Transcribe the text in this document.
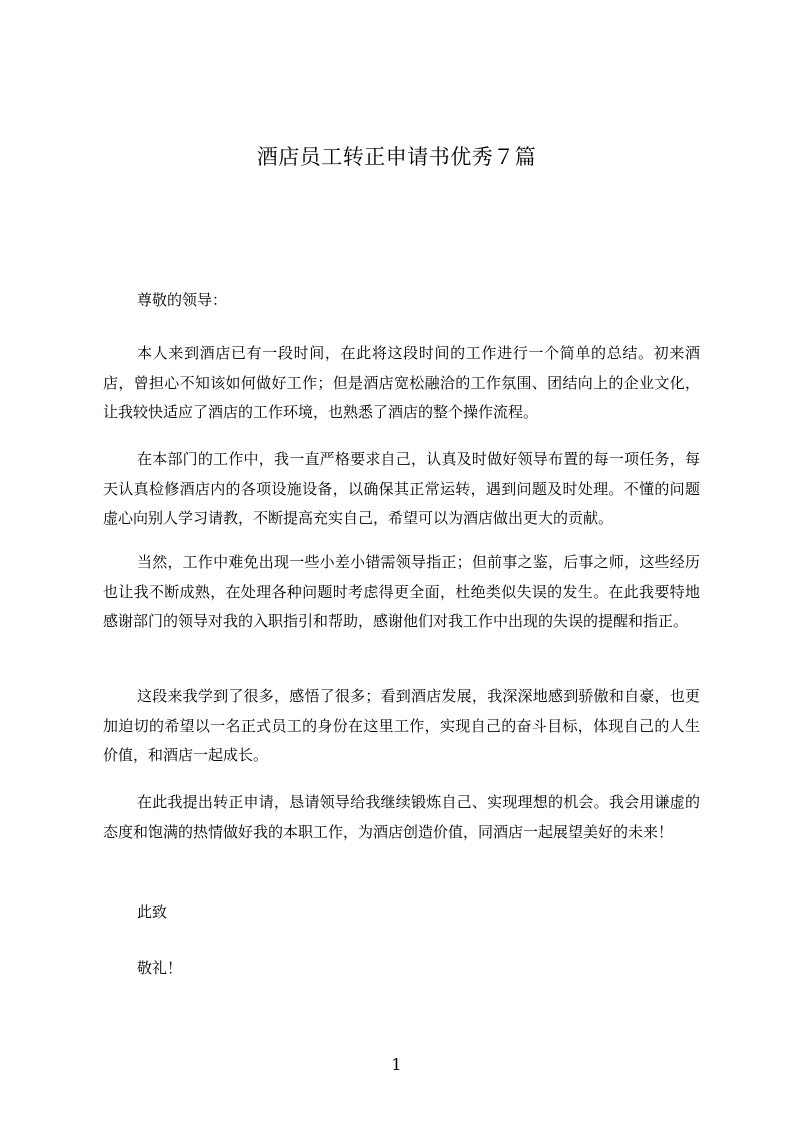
酒店员工转正申请书优秀７篇
尊敬的领导：
本人来到酒店已有一段时间，在此将这段时间的工作进行一个简单的总结。初来酒店，曾担心不知该如何做好工作；但是酒店宽松融洽的工作氛围、团结向上的企业文化，让我较快适应了酒店的工作环境，也熟悉了酒店的整个操作流程。
在本部门的工作中，我一直严格要求自己，认真及时做好领导布置的每一项任务，每天认真检修酒店内的各项设施设备，以确保其正常运转，遇到问题及时处理。不懂的问题虚心向别人学习请教，不断提高充实自己，希望可以为酒店做出更大的贡献。
当然，工作中难免出现一些小差小错需领导指正；但前事之鉴，后事之师，这些经历也让我不断成熟，在处理各种问题时考虑得更全面，杜绝类似失误的发生。在此我要特地感谢部门的领导对我的入职指引和帮助，感谢他们对我工作中出现的失误的提醒和指正。
这段来我学到了很多，感悟了很多；看到酒店发展，我深深地感到骄傲和自豪，也更加迫切的希望以一名正式员工的身份在这里工作，实现自己的奋斗目标，体现自己的人生价值，和酒店一起成长。
在此我提出转正申请，恳请领导给我继续锻炼自己、实现理想的机会。我会用谦虚的态度和饱满的热情做好我的本职工作，为酒店创造价值，同酒店一起展望美好的未来！
此致
敬礼！
1
